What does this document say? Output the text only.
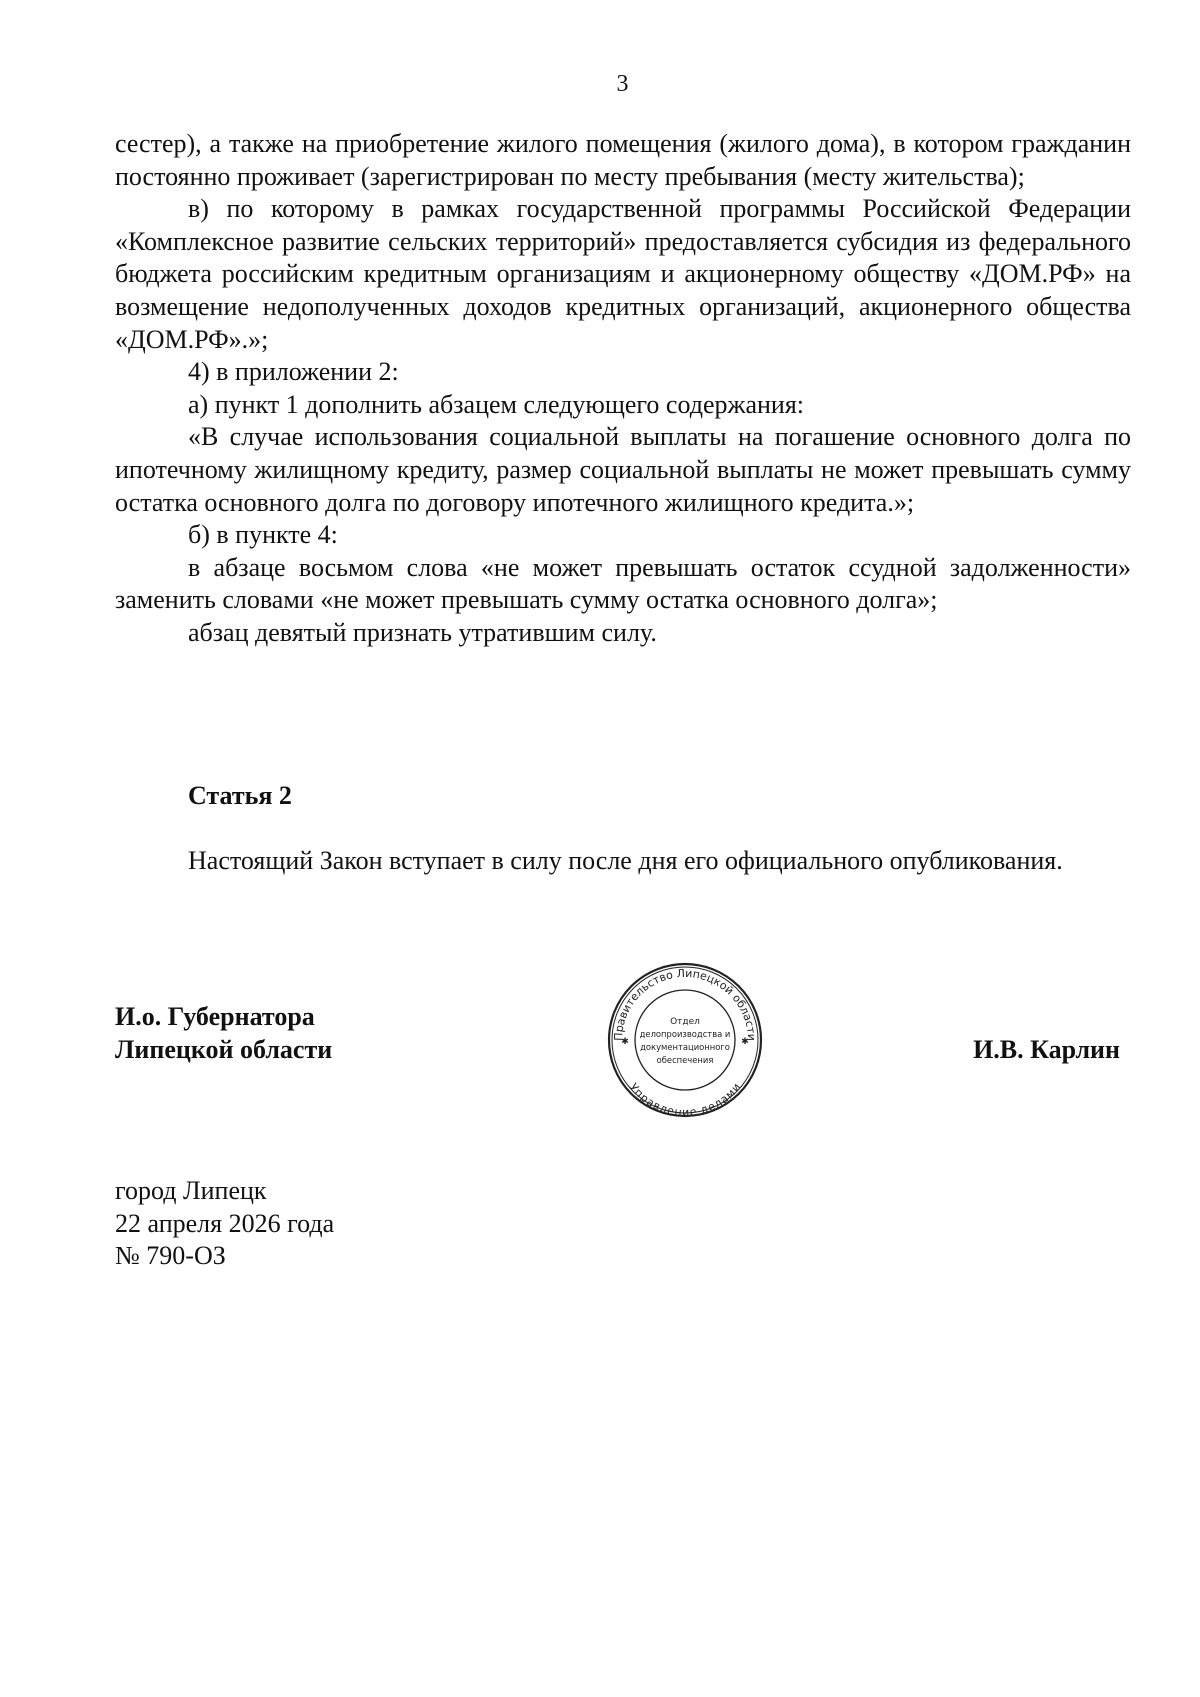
3

сестер), а также на приобретение жилого помещения (жилого дома), в котором гражданин постоянно проживает (зарегистрирован по месту пребывания (месту жительства);

в) по которому в рамках государственной программы Российской Федерации «Комплексное развитие сельских территорий» предоставляется субсидия из федерального бюджета российским кредитным организациям и акционерному обществу «ДОМ.РФ» на возмещение недополученных доходов кредитных организаций, акционерного общества «ДОМ.РФ».»;

4) в приложении 2:

а) пункт 1 дополнить абзацем следующего содержания:

«В случае использования социальной выплаты на погашение основного долга по ипотечному жилищному кредиту, размер социальной выплаты не может превышать сумму остатка основного долга по договору ипотечного жилищного кредита.»;

б) в пункте 4:

в абзаце восьмом слова «не может превышать остаток ссудной задолженности» заменить словами «не может превышать сумму остатка основного долга»;

абзац девятый признать утратившим силу.

Статья 2

Настоящий Закон вступает в силу после дня его официального опубликования.

И.о. Губернатора
Липецкой области	Правительство Липецкой области
Управление делами
✱	✱
Отдел
делопроизводства и
документационного
обеспечения	И.В. Карлин
город Липецк
22 апреля 2026 года
№ 790-ОЗ
